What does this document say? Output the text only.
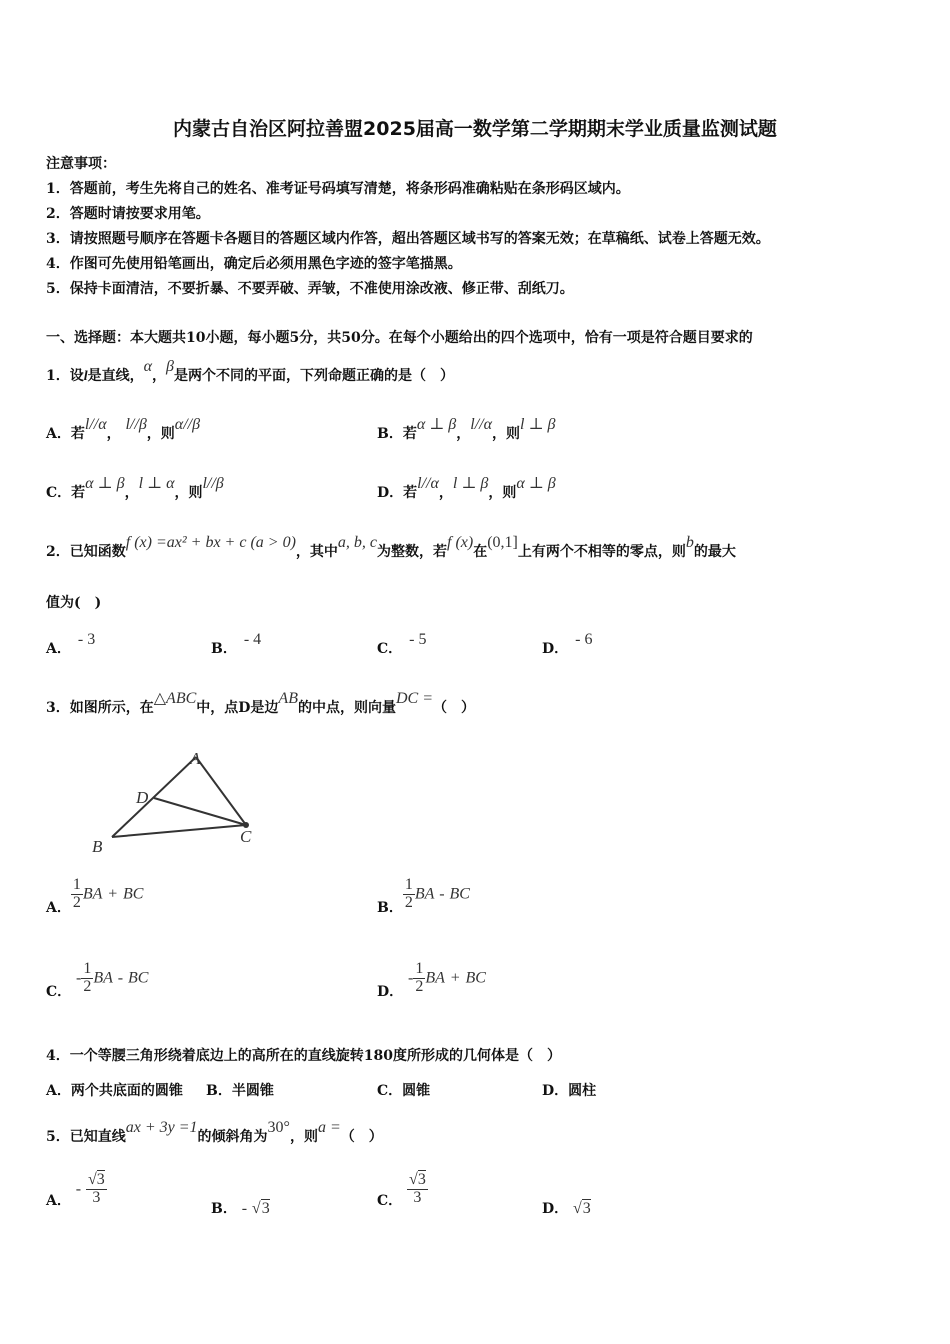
内蒙古自治区阿拉善盟2025届高一数学第二学期期末学业质量监测试题
注意事项：
1．答题前，考生先将自己的姓名、准考证号码填写清楚，将条形码准确粘贴在条形码区域内。
2．答题时请按要求用笔。
3．请按照题号顺序在答题卡各题目的答题区域内作答，超出答题区域书写的答案无效；在草稿纸、试卷上答题无效。
4．作图可先使用铅笔画出，确定后必须用黑色字迹的签字笔描黑。
5．保持卡面清洁，不要折暴、不要弄破、弄皱，不准使用涂改液、修正带、刮纸刀。
一、选择题：本大题共10小题，每小题5分，共50分。在每个小题给出的四个选项中，恰有一项是符合题目要求的
1．设l是直线，α，β是两个不同的平面，下列命题正确的是（　）
A．若l//α， l//β，则α//β
B．若α ⊥ β，l//α，则l ⊥ β
C．若α ⊥ β，l ⊥ α，则l//β
D．若l//α，l ⊥ β，则α ⊥ β
2．已知函数f (x) =ax² + bx + c (a > 0)，其中a, b, c为整数，若f (x)在(0,1]上有两个不相等的零点，则b的最大
值为(　)
A．　- 3
B．　- 4
C．　- 5
D．　- 6
3．如图所示，在△ABC中，点D是边AB的中点，则向量DC =（　）
A
D
B
C
A． $\frac{1}{2}$ BA + BC
B． $\frac{1}{2}$ BA - BC
C． - $\frac{1}{2}$ BA - BC
D． - $\frac{1}{2}$ BA + BC
4．一个等腰三角形绕着底边上的高所在的直线旋转180度所形成的几何体是（　）
A．两个共底面的圆锥 B．半圆锥	C．圆锥	D．圆柱
5．已知直线ax + 3y =1的倾斜角为30°，则a =（　）
A． - $\frac{√3}{3}$
B． - √3	C． $\frac{√3}{3}$
D． √3
